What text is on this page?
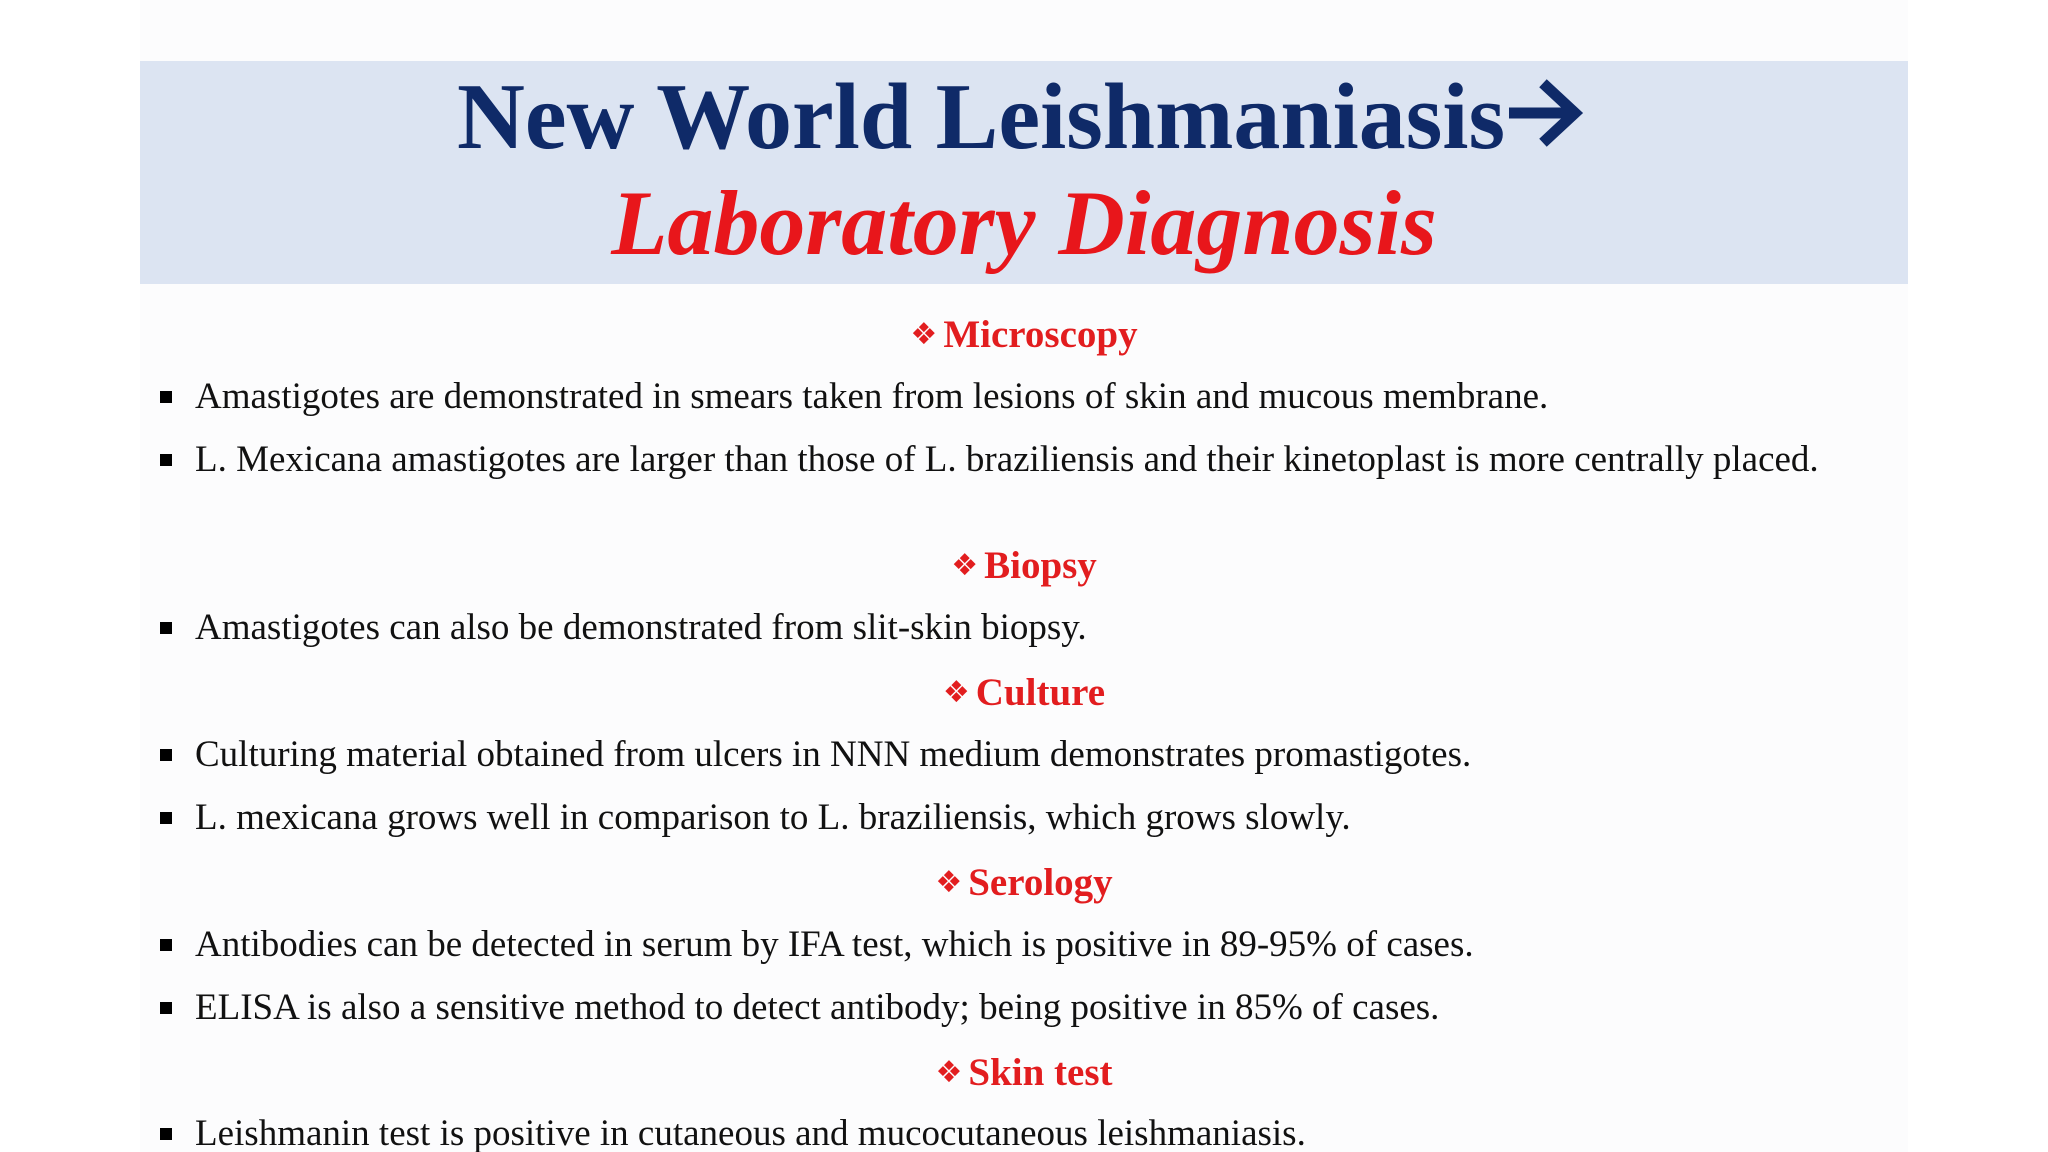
New World Leishmaniasis
Laboratory Diagnosis
❖ Microscopy

Amastigotes are demonstrated in smears taken from lesions of skin and mucous membrane.

L. Mexicana amastigotes are larger than those of L. braziliensis and their kinetoplast is more centrally placed.

❖ Biopsy

Amastigotes can also be demonstrated from slit-skin biopsy.

❖ Culture

Culturing material obtained from ulcers in NNN medium demonstrates promastigotes.

L. mexicana grows well in comparison to L. braziliensis, which grows slowly.

❖ Serology

Antibodies can be detected in serum by IFA test, which is positive in 89-95% of cases.

ELISA is also a sensitive method to detect antibody; being positive in 85% of cases.

❖ Skin test

Leishmanin test is positive in cutaneous and mucocutaneous leishmaniasis.
